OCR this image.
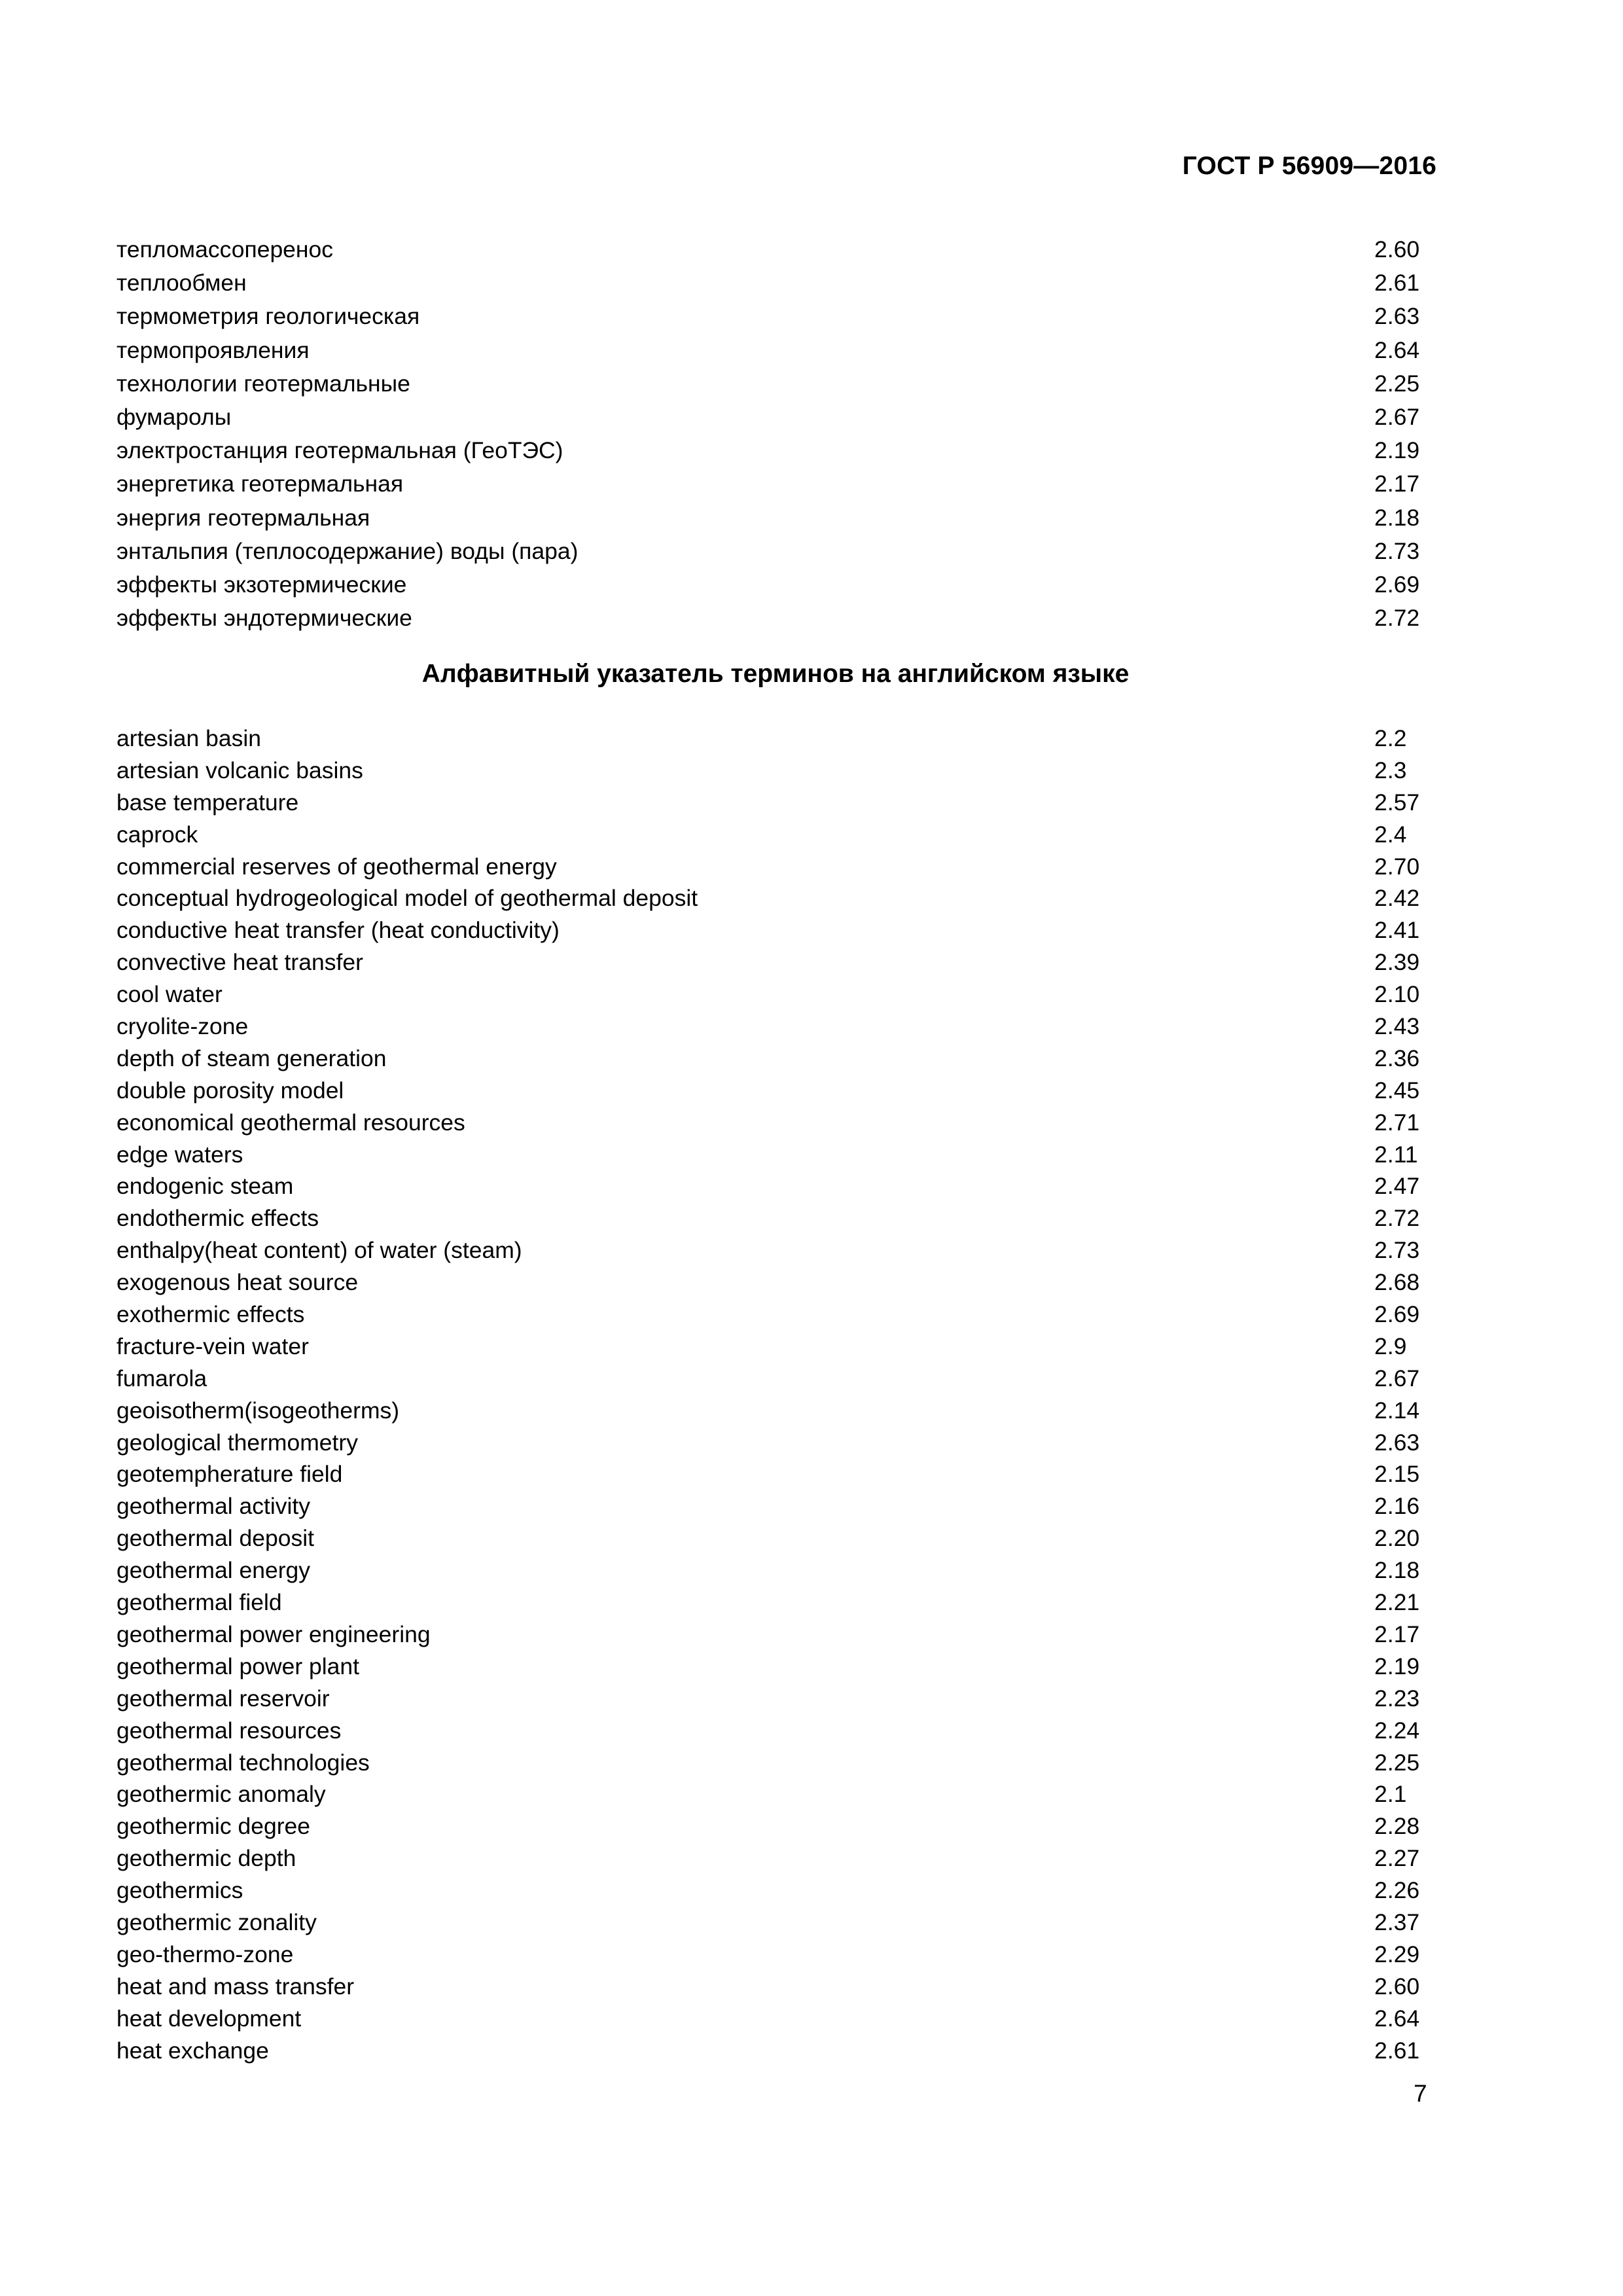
ГОСТ Р 56909—2016
тепломассоперенос	2.60
теплообмен	2.61
термометрия геологическая	2.63
термопроявления	2.64
технологии геотермальные	2.25
фумаролы	2.67
электростанция геотермальная (ГеоТЭС)	2.19
энергетика геотермальная	2.17
энергия геотермальная	2.18
энтальпия (теплосодержание) воды (пара)	2.73
эффекты экзотермические	2.69
эффекты эндотермические	2.72
Алфавитный указатель терминов на английском языке
artesian basin	2.2
artesian volcanic basins	2.3
base temperature	2.57
caprock	2.4
commercial reserves of geothermal energy	2.70
conceptual hydrogeological model of geothermal deposit	2.42
conductive heat transfer (heat conductivity)	2.41
convective heat transfer	2.39
cool water	2.10
cryolite-zone	2.43
depth of steam generation	2.36
double porosity model	2.45
economical geothermal resources	2.71
edge waters	2.11
endogenic steam	2.47
endothermic effects	2.72
enthalpy(heat content) of water (steam)	2.73
exogenous heat source	2.68
exothermic effects	2.69
fracture-vein water	2.9
fumarola	2.67
geoisotherm(isogeotherms)	2.14
geological thermometry	2.63
geotempherature field	2.15
geothermal activity	2.16
geothermal deposit	2.20
geothermal energy	2.18
geothermal field	2.21
geothermal power engineering	2.17
geothermal power plant	2.19
geothermal reservoir	2.23
geothermal resources	2.24
geothermal technologies	2.25
geothermic anomaly	2.1
geothermic degree	2.28
geothermic depth	2.27
geothermics	2.26
geothermic zonality	2.37
geo-thermo-zone	2.29
heat and mass transfer	2.60
heat development	2.64
heat exchange	2.61
7
